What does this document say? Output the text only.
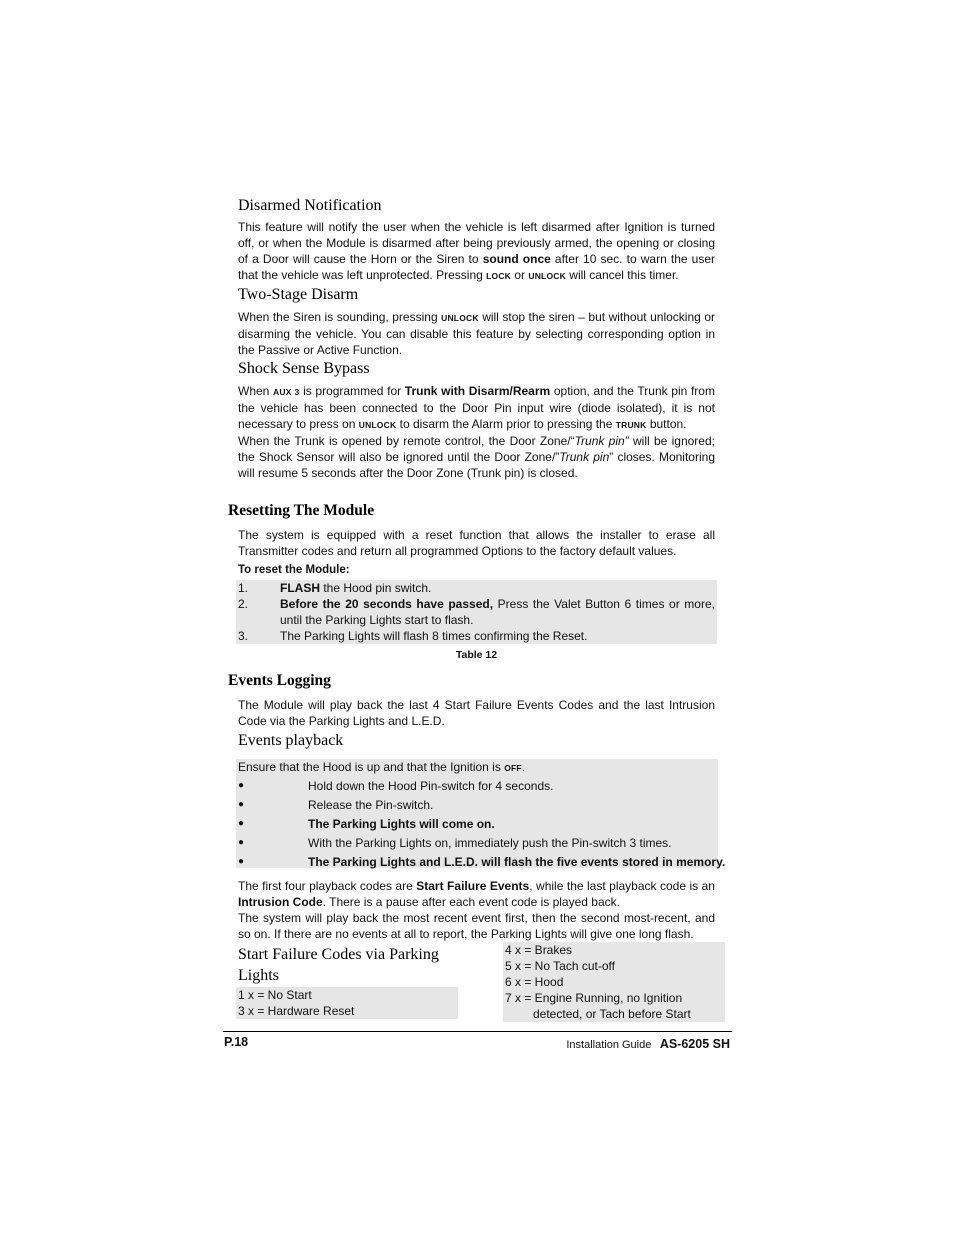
Disarmed Notification
This feature will notify the user when the vehicle is left disarmed after Ignition is turned off, or when the Module is disarmed after being previously armed, the opening or closing of a Door will cause the Horn or the Siren to sound once after 10 sec. to warn the user that the vehicle was left unprotected. Pressing LOCK or UNLOCK will cancel this timer.
Two-Stage Disarm
When the Siren is sounding, pressing UNLOCK will stop the siren – but without unlocking or disarming the vehicle. You can disable this feature by selecting corresponding option in the Passive or Active Function.
Shock Sense Bypass

When AUX 3 is programmed for Trunk with Disarm/Rearm option, and the Trunk pin from the vehicle has been connected to the Door Pin input wire (diode isolated), it is not necessary to press on UNLOCK to disarm the Alarm prior to pressing the TRUNK button.

When the Trunk is opened by remote control, the Door Zone/“Trunk pin” will be ignored; the Shock Sensor will also be ignored until the Door Zone/”Trunk pin” closes. Monitoring will resume 5 seconds after the Door Zone (Trunk pin) is closed.

Resetting The Module
The system is equipped with a reset function that allows the installer to erase all Transmitter codes and return all programmed Options to the factory default values.
To reset the Module:
1.	FLASH the Hood pin switch.
2.	Before the 20 seconds have passed, Press the Valet Button 6 times or more, until the Parking Lights start to flash.
3.	The Parking Lights will flash 8 times confirming the Reset.
Table 12
Events Logging
The Module will play back the last 4 Start Failure Events Codes and the last Intrusion Code via the Parking Lights and L.E.D.
Events playback
Ensure that the Hood is up and that the Ignition is OFF.
●	Hold down the Hood Pin-switch for 4 seconds.
●	Release the Pin-switch.
●	The Parking Lights will come on.
●	With the Parking Lights on, immediately push the Pin-switch 3 times.
●	The Parking Lights and L.E.D. will flash the five events stored in memory.

The first four playback codes are Start Failure Events, while the last playback code is an Intrusion Code. There is a pause after each event code is played back.

The system will play back the most recent event first, then the second most-recent, and so on. If there are no events at all to report, the Parking Lights will give one long flash.

Start Failure Codes via Parking
Lights
1 x = No Start
3 x = Hardware Reset
4 x = Brakes
5 x = No Tach cut-off
6 x = Hood
7 x = Engine Running, no Ignition
detected, or Tach before Start
P.18	Installation Guide AS-6205 SH
